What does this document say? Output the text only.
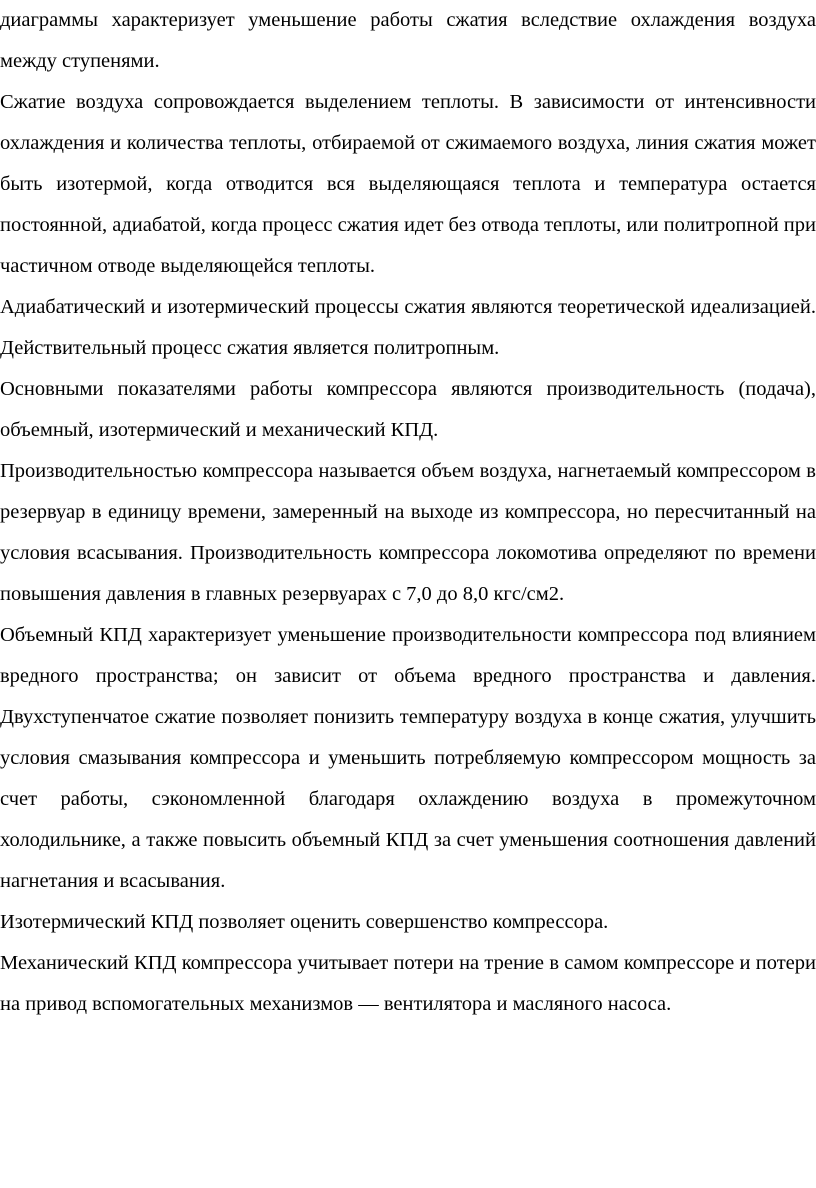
диаграммы характеризует уменьшение работы сжатия вследствие охлаждения воздуха между ступенями.
Сжатие воздуха сопровождается выделением теплоты. В зависимости от интенсивности охлаждения и количества теплоты, отбираемой от сжимаемого воздуха, линия сжатия может быть изотермой, когда отводится вся выделяющаяся теплота и температура остается постоянной, адиабатой, когда процесс сжатия идет без отвода теплоты, или политропной при частичном отводе выделяющейся теплоты.
Адиабатический и изотермический процессы сжатия являются теоретической идеализацией. Действительный процесс сжатия является политропным.
Основными показателями работы компрессора являются производительность (подача), объемный, изотермический и механический КПД.
Производительностью компрессора называется объем воздуха, нагнетаемый компрессором в резервуар в единицу времени, замеренный на выходе из компрессора, но пересчитанный на условия всасывания. Производительность компрессора локомотива определяют по времени повышения давления в главных резервуарах с 7,0 до 8,0 кгс/см2.
Объемный КПД характеризует уменьшение производительности компрессора под влиянием вредного пространства; он зависит от объема вредного пространства и давления. Двухступенчатое сжатие позволяет понизить температуру воздуха в конце сжатия, улучшить условия смазывания компрессора и уменьшить потребляемую компрессором мощность за счет работы, сэкономленной благодаря охлаждению воздуха в промежуточном холодильнике, а также повысить объемный КПД за счет уменьшения соотношения давлений нагнетания и всасывания.
Изотермический КПД позволяет оценить совершенство компрессора.
Механический КПД компрессора учитывает потери на трение в самом компрессоре и потери на привод вспомогательных механизмов — вентилятора и масляного насоса.
